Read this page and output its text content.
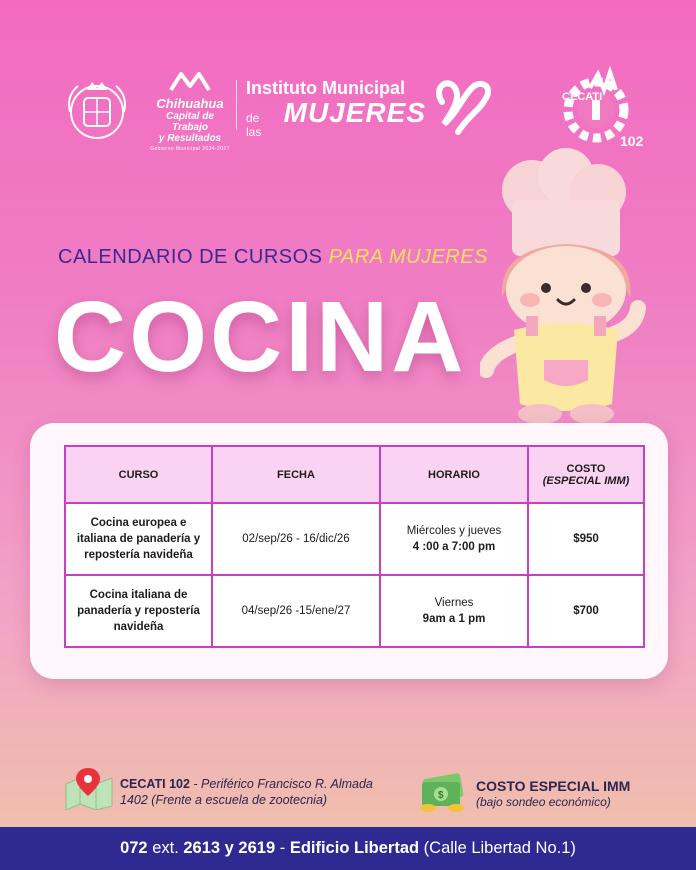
Chihuahua
Capital de Trabajo
y Resultados
Gobierno Municipal 2024-2027
Instituto Municipal
de las
MUJERES	CECATI
102
CALENDARIO DE CURSOS PARA MUJERES
COCINA
CURSO	FECHA	HORARIO	COSTO
(ESPECIAL IMM)

Cocina europea e italiana de panadería y repostería navideña	02/sep/26 - 16/dic/26	Miércoles y jueves
4 :00 a 7:00 pm	$950
Cocina italiana de panadería y repostería navideña	04/sep/26 -15/ene/27	Viernes
9am a 1 pm	$700
CECATI 102 - Periférico Francisco R. Almada
1402 (Frente a escuela de zootecnia)	$
COSTO ESPECIAL IMM
(bajo sondeo económico)
072 ext. 2613 y 2619 - Edificio Libertad (Calle Libertad No.1)
